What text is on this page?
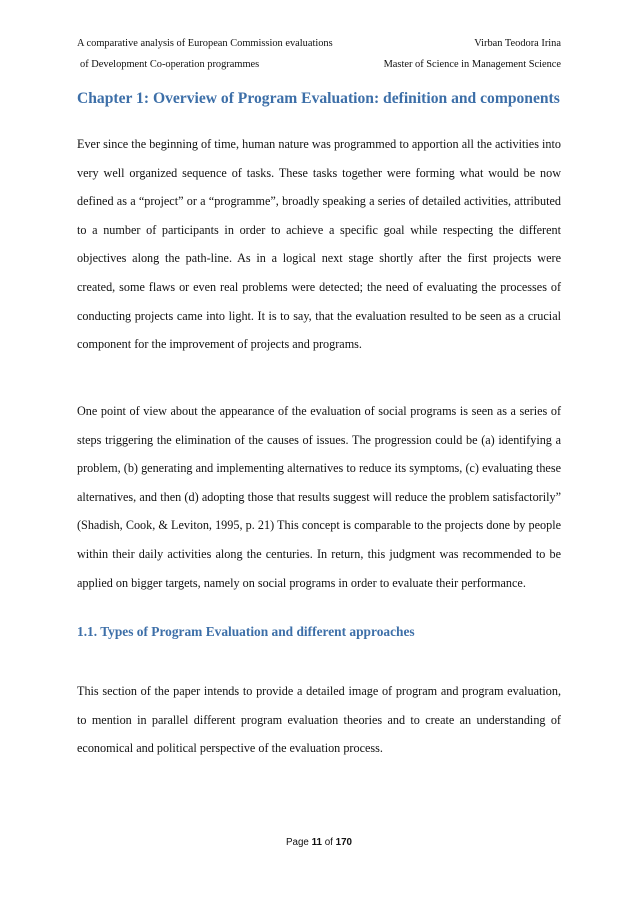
A comparative analysis of European Commission evaluations	Virban Teodora Irina
of Development Co-operation programmes	Master of Science in Management Science
Chapter 1: Overview of Program Evaluation: definition and components

Ever since the beginning of time, human nature was programmed to apportion all the activities into very well organized sequence of tasks. These tasks together were forming what would be now defined as a “project” or a “programme”, broadly speaking a series of detailed activities, attributed to a number of participants in order to achieve a specific goal while respecting the different objectives along the path-line. As in a logical next stage shortly after the first projects were created, some flaws or even real problems were detected; the need of evaluating the processes of conducting projects came into light. It is to say, that the evaluation resulted to be seen as a crucial component for the improvement of projects and programs.

One point of view about the appearance of the evaluation of social programs is seen as a series of steps triggering the elimination of the causes of issues. The progression could be (a) identifying a problem, (b) generating and implementing alternatives to reduce its symptoms, (c) evaluating these alternatives, and then (d) adopting those that results suggest will reduce the problem satisfactorily” (Shadish, Cook, & Leviton, 1995, p. 21) This concept is comparable to the projects done by people within their daily activities along the centuries. In return, this judgment was recommended to be applied on bigger targets, namely on social programs in order to evaluate their performance.

1.1. Types of Program Evaluation and different approaches

This section of the paper intends to provide a detailed image of program and program evaluation, to mention in parallel different program evaluation theories and to create an understanding of economical and political perspective of the evaluation process.

Page 11 of 170
